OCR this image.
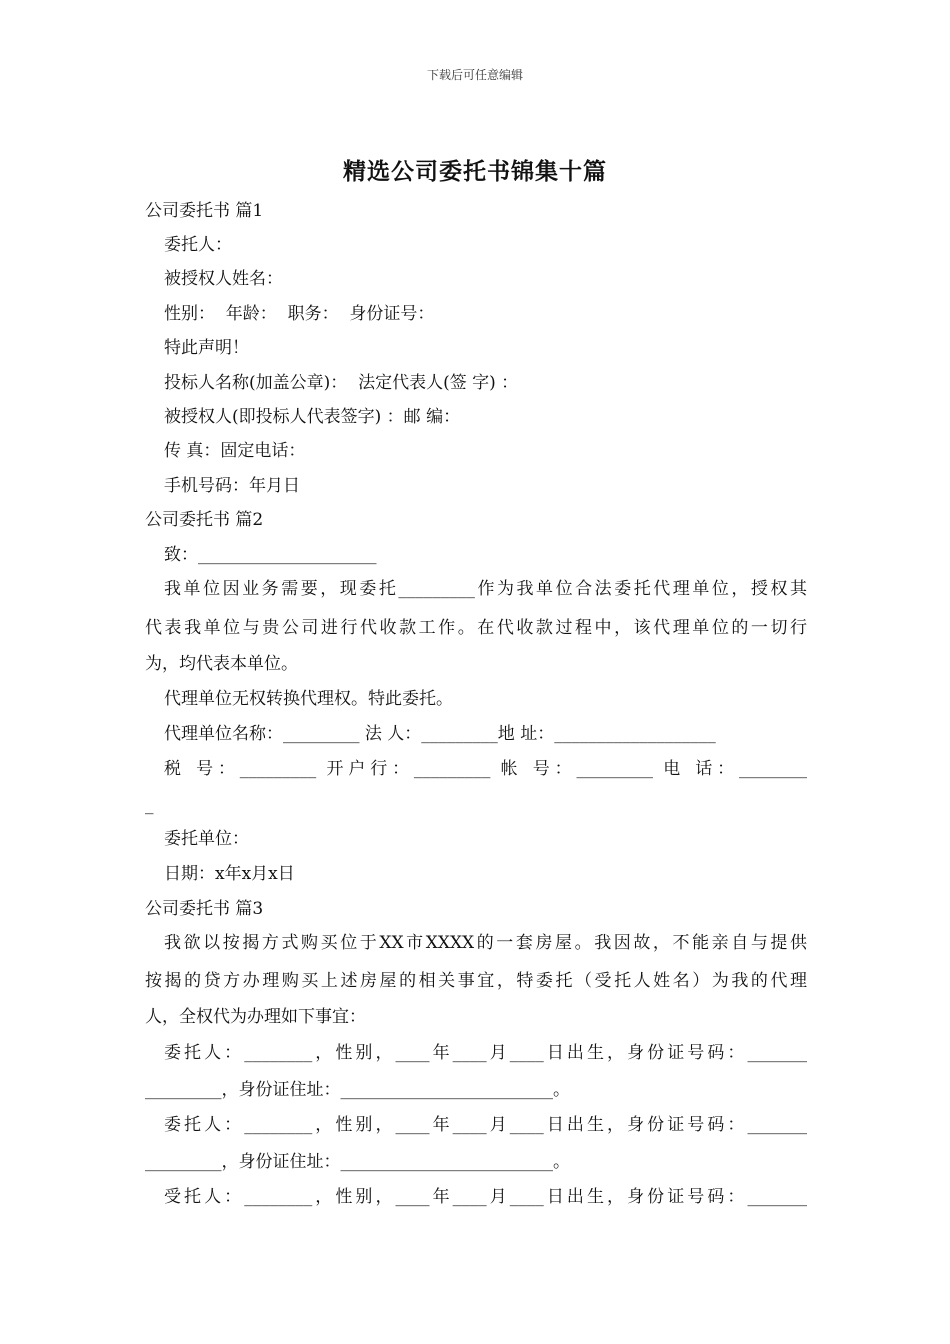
下载后可任意编辑
精选公司委托书锦集十篇
公司委托书 篇1
委托人：
被授权人姓名：
性别：  年龄：  职务：  身份证号：
特此声明！
投标人名称(加盖公章)：  法定代表人(签 字) ：
被授权人(即投标人代表签字) ：邮 编：
传 真：固定电话：
手机号码：年月日
公司委托书 篇2
致：_____________________
我单位因业务需要，现委托_________作为我单位合法委托代理单位，授权其
代表我单位与贵公司进行代收款工作。在代收款过程中，该代理单位的一切行
为，均代表本单位。
代理单位无权转换代理权。特此委托。
代理单位名称：_________ 法 人：_________地 址：___________________
税 号：_________ 开户行：_________ 帐 号：_________ 电 话：________
_
委托单位：
日期：x年x月x日
公司委托书 篇3
我欲以按揭方式购买位于XX市XXXX的一套房屋。我因故，不能亲自与提供
按揭的贷方办理购买上述房屋的相关事宜，特委托（受托人姓名）为我的代理
人，全权代为办理如下事宜：
委托人：________，性别，____年____月____日出生，身份证号码：_______
_________，身份证住址：_________________________。
委托人：________，性别，____年____月____日出生，身份证号码：_______
_________，身份证住址：_________________________。
受托人：________，性别，____年____月____日出生，身份证号码：_______
